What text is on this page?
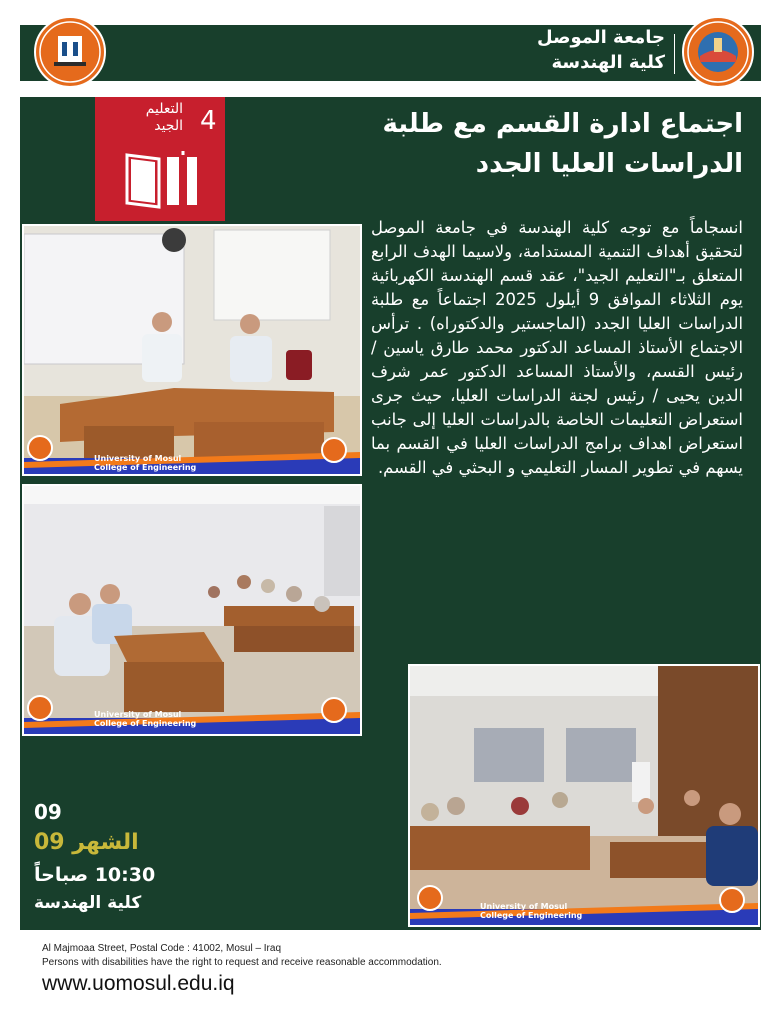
جامعة الموصل
كلية الهندسة
4
التعليم
الجيد	اجتماع ادارة القسم مع طلبة الدراسات العليا الجدد
انسجاماً مع توجه كلية الهندسة في جامعة الموصل لتحقيق أهداف التنمية المستدامة، ولاسيما الهدف الرابع المتعلق بـ"التعليم الجيد"، عقد قسم الهندسة الكهربائية يوم الثلاثاء الموافق 9 أيلول 2025 اجتماعاً مع طلبة الدراسات العليا الجدد (الماجستير والدكتوراه) . ترأس الاجتماع الأستاذ المساعد الدكتور محمد طارق ياسين / رئيس القسم، والأستاذ المساعد الدكتور عمر شرف الدين يحيى / رئيس لجنة الدراسات العليا، حيث جرى استعراض التعليمات الخاصة بالدراسات العليا إلى جانب استعراض اهداف برامج الدراسات العليا في القسم بما يسهم في تطوير المسار التعليمي و البحثي في القسم.
University of Mosul
College of Engineering
University of Mosul
College of Engineering
University of Mosul
College of Engineering
09
الشهر 09
10:30 صباحاً
كلية الهندسة
Al Majmoaa Street, Postal Code : 41002, Mosul – Iraq
Persons with disabilities have the right to request and receive reasonable accommodation.
www.uomosul.edu.iq
